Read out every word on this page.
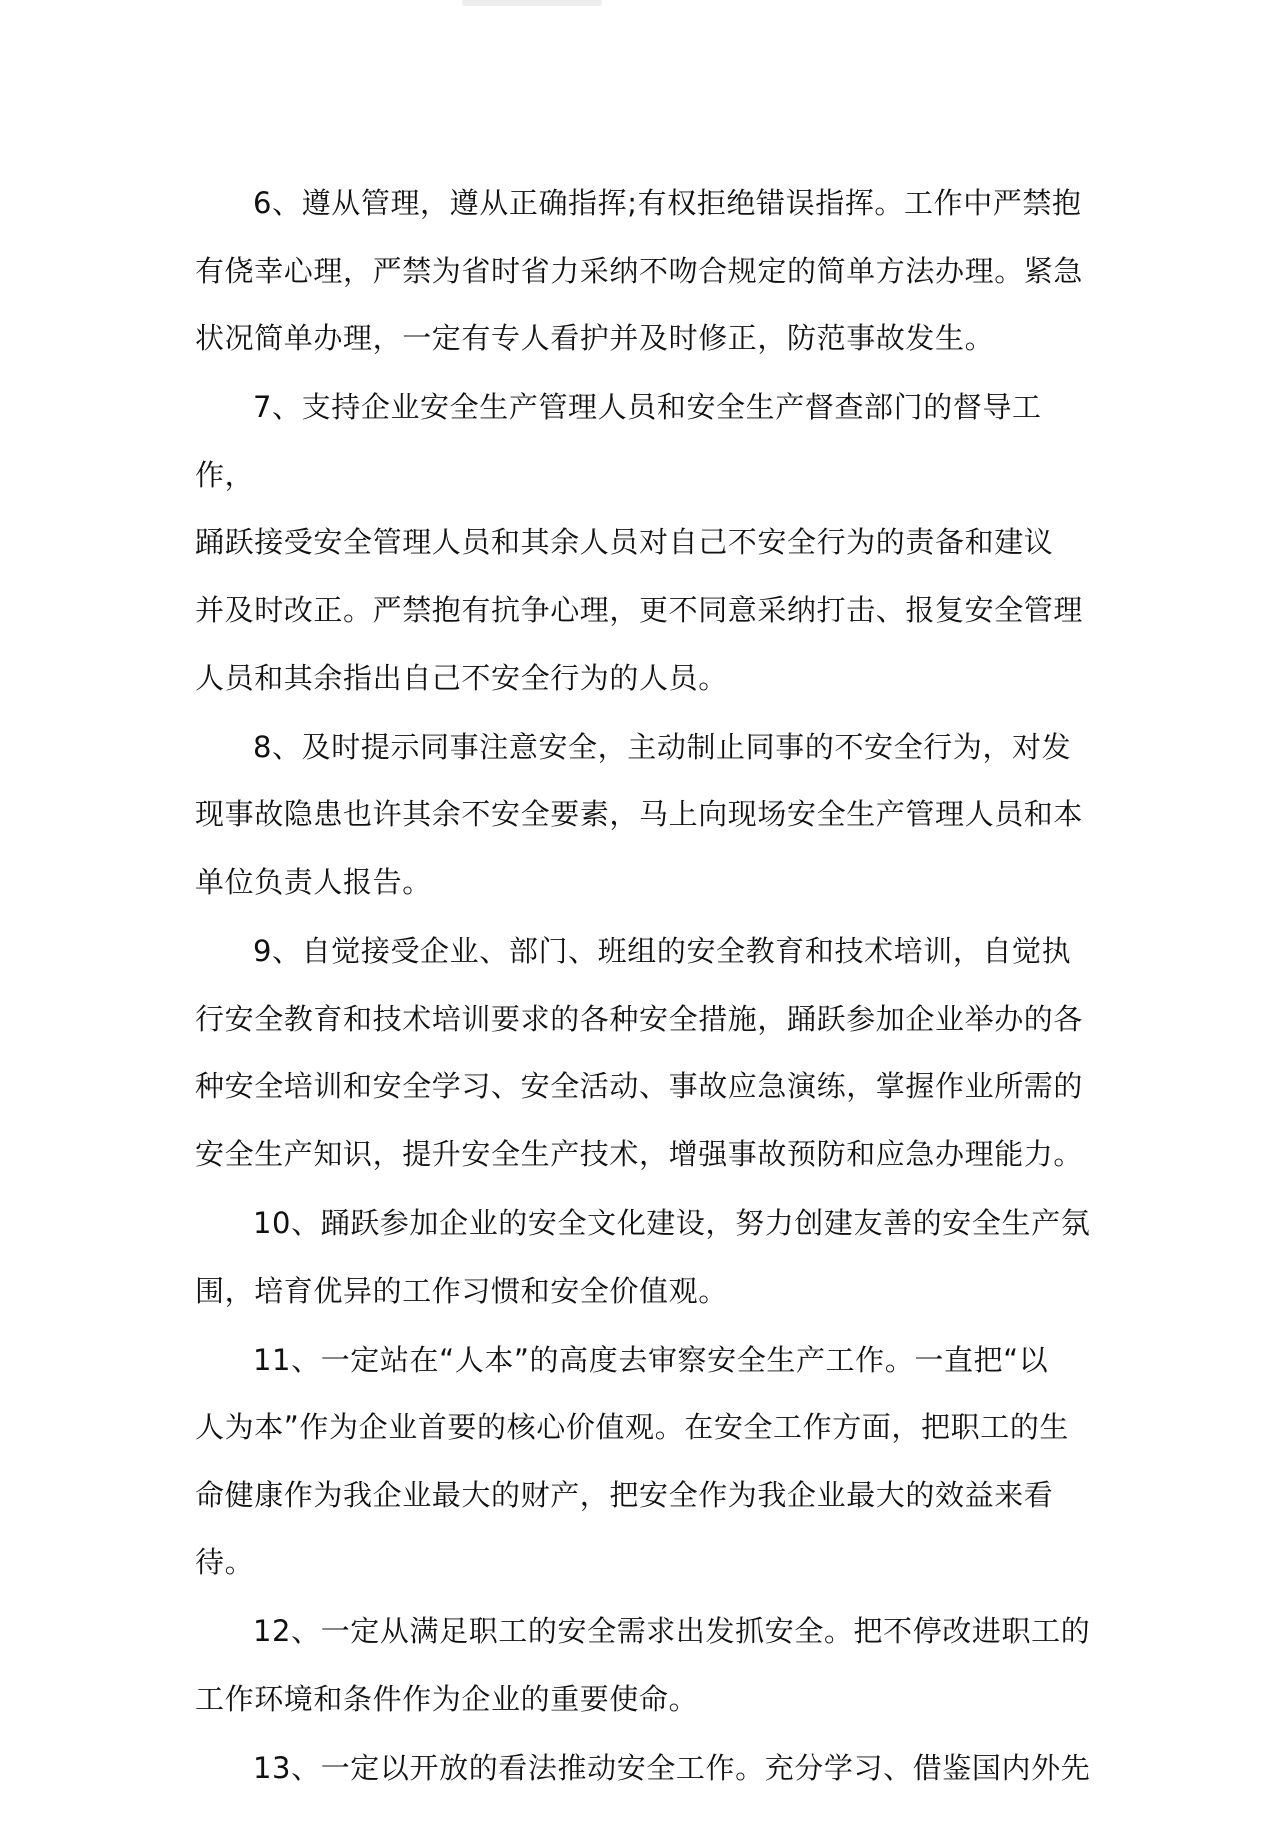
6、遵从管理，遵从正确指挥;有权拒绝错误指挥。工作中严禁抱
有侥幸心理，严禁为省时省力采纳不吻合规定的简单方法办理。紧急
状况简单办理，一定有专人看护并及时修正，防范事故发生。

7、支持企业安全生产管理人员和安全生产督查部门的督导工作，
踊跃接受安全管理人员和其余人员对自己不安全行为的责备和建议
并及时改正。严禁抱有抗争心理，更不同意采纳打击、报复安全管理
人员和其余指出自己不安全行为的人员。

8、及时提示同事注意安全，主动制止同事的不安全行为，对发
现事故隐患也许其余不安全要素，马上向现场安全生产管理人员和本
单位负责人报告。

9、自觉接受企业、部门、班组的安全教育和技术培训，自觉执
行安全教育和技术培训要求的各种安全措施，踊跃参加企业举办的各
种安全培训和安全学习、安全活动、事故应急演练，掌握作业所需的
安全生产知识，提升安全生产技术，增强事故预防和应急办理能力。

10、踊跃参加企业的安全文化建设，努力创建友善的安全生产氛
围，培育优异的工作习惯和安全价值观。

11、一定站在“人本”的高度去审察安全生产工作。一直把“以
人为本”作为企业首要的核心价值观。在安全工作方面，把职工的生
命健康作为我企业最大的财产，把安全作为我企业最大的效益来看待。

12、一定从满足职工的安全需求出发抓安全。把不停改进职工的
工作环境和条件作为企业的重要使命。

13、一定以开放的看法推动安全工作。充分学习、借鉴国内外先
